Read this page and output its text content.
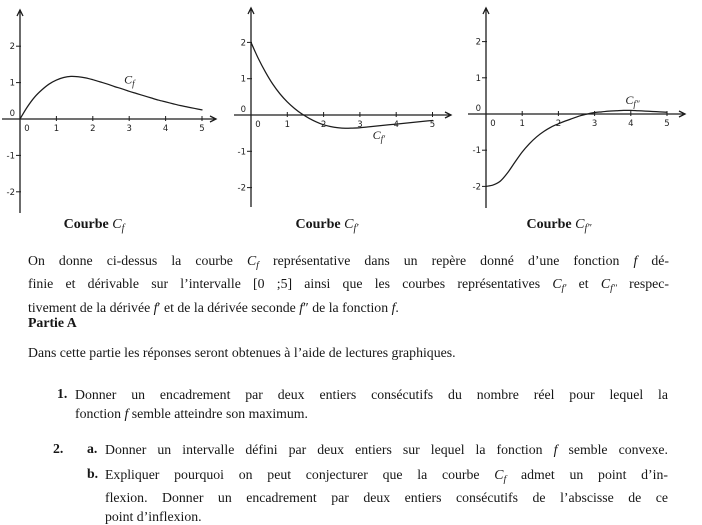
0	1	2	3	4	5
-2
-1
0
1
2
$C_f$
0	1	2	3	4	5
-2
-1
0
1
2
$C_{f'}$
0	1	2	3	4	5
-2
-1
0
1
2
$C_{f''}$
Courbe $C_f$	Courbe $C_{f'}$	Courbe $C_{f''}$
On donne ci-dessus la courbe $C_f$ représentative dans un repère donné d’une fonction f dé-
finie et dérivable sur l’intervalle [0 ;5] ainsi que les courbes représentatives $C_{f'}$ et $C_{f''}$ respec-
tivement de la dérivée f′ et de la dérivée seconde f″ de la fonction f.
Partie A
Dans cette partie les réponses seront obtenues à l’aide de lectures graphiques.
1. Donner un encadrement par deux entiers consécutifs du nombre réel pour lequel la
fonction f semble atteindre son maximum.
2. a. Donner un intervalle défini par deux entiers sur lequel la fonction f semble convexe.
b. Expliquer pourquoi on peut conjecturer que la courbe $C_f$ admet un point d’in-
flexion. Donner un encadrement par deux entiers consécutifs de l’abscisse de ce
point d’inflexion.
